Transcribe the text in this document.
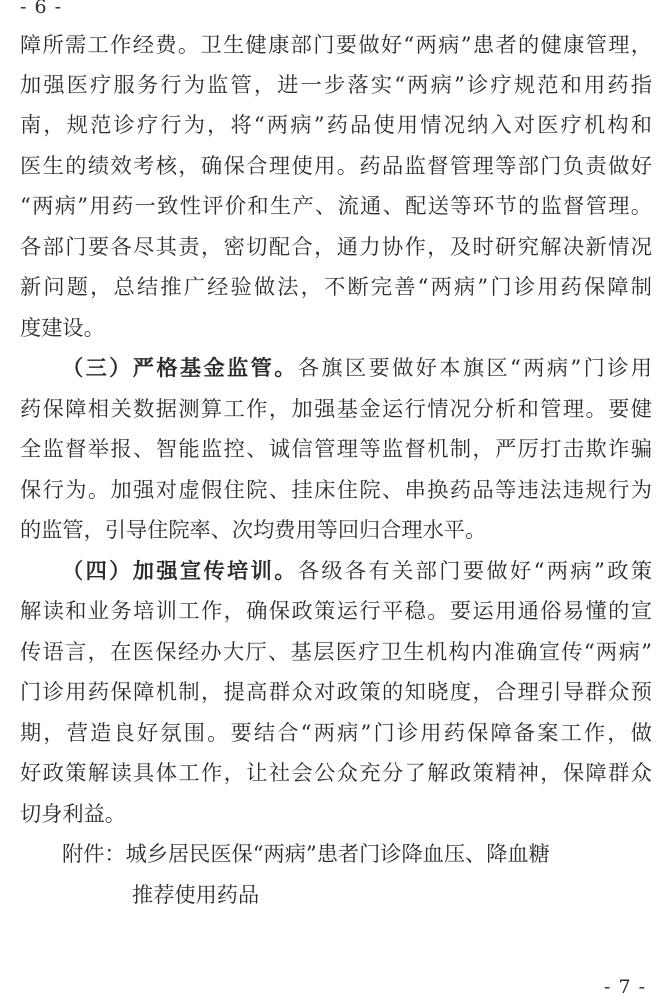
- 6 -
障所需工作经费。卫生健康部门要做好“两病”患者的健康管理，
加强医疗服务行为监管，进一步落实“两病”诊疗规范和用药指
南，规范诊疗行为，将“两病”药品使用情况纳入对医疗机构和
医生的绩效考核，确保合理使用。药品监督管理等部门负责做好
“两病”用药一致性评价和生产、流通、配送等环节的监督管理。
各部门要各尽其责，密切配合，通力协作，及时研究解决新情况
新问题，总结推广经验做法，不断完善“两病”门诊用药保障制
度建设。
（三）严格基金监管。各旗区要做好本旗区“两病”门诊用
药保障相关数据测算工作，加强基金运行情况分析和管理。要健
全监督举报、智能监控、诚信管理等监督机制，严厉打击欺诈骗
保行为。加强对虚假住院、挂床住院、串换药品等违法违规行为
的监管，引导住院率、次均费用等回归合理水平。
（四）加强宣传培训。各级各有关部门要做好“两病”政策
解读和业务培训工作，确保政策运行平稳。要运用通俗易懂的宣
传语言，在医保经办大厅、基层医疗卫生机构内准确宣传“两病”
门诊用药保障机制，提高群众对政策的知晓度，合理引导群众预
期，营造良好氛围。要结合“两病”门诊用药保障备案工作，做
好政策解读具体工作，让社会公众充分了解政策精神，保障群众
切身利益。
附件：城乡居民医保“两病”患者门诊降血压、降血糖
推荐使用药品
- 7 -
